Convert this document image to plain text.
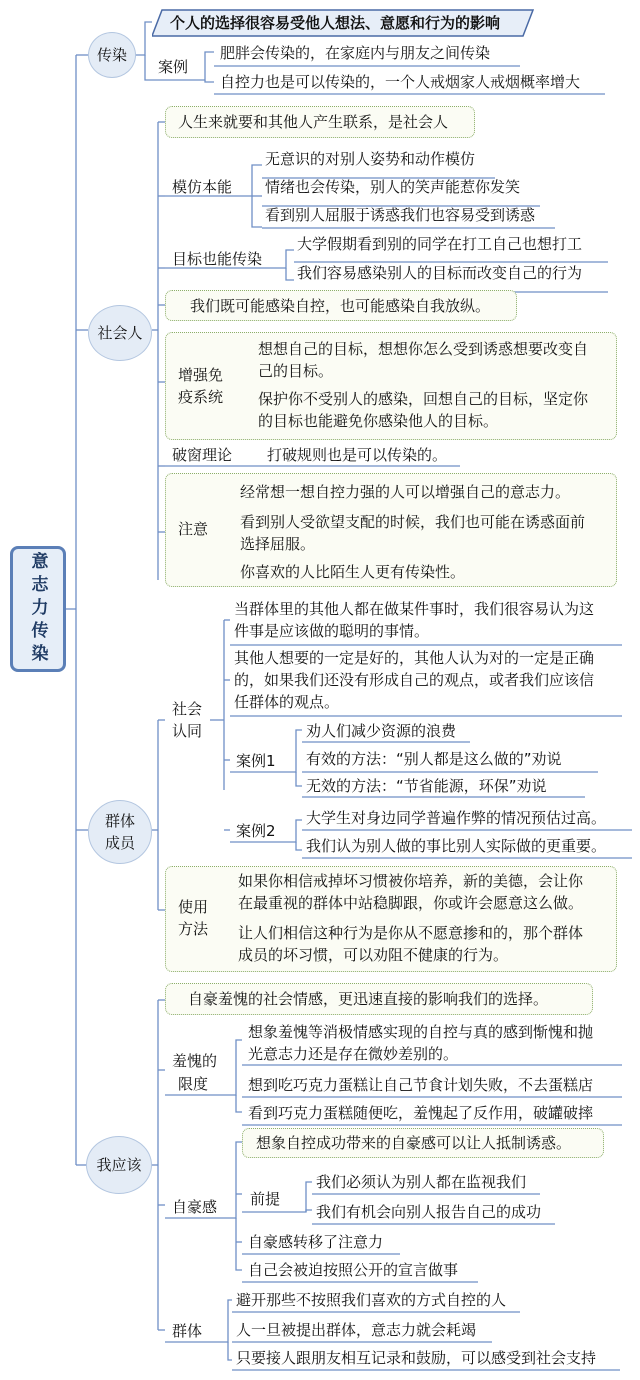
意志力传染
传染
个人的选择很容易受他人想法、意愿和行为的影响
案例
肥胖会传染的，在家庭内与朋友之间传染
自控力也是可以传染的，一个人戒烟家人戒烟概率增大
社会人
人生来就要和其他人产生联系，是社会人
模仿本能
无意识的对别人姿势和动作模仿
情绪也会传染，别人的笑声能惹你发笑
看到别人屈服于诱惑我们也容易受到诱惑
目标也能传染
大学假期看到别的同学在打工自己也想打工
我们容易感染别人的目标而改变自己的行为
我们既可能感染自控，也可能感染自我放纵。
增强免
疫系统
想想自己的目标，想想你怎么受到诱惑想要改变自
己的目标。
保护你不受别人的感染，回想自己的目标，坚定你
的目标也能避免你感染他人的目标。
破窗理论 打破规则也是可以传染的。
注意
经常想一想自控力强的人可以增强自己的意志力。
看到别人受欲望支配的时候，我们也可能在诱惑面前
选择屈服。
你喜欢的人比陌生人更有传染性。
群体
成员
社会
认同
当群体里的其他人都在做某件事时，我们很容易认为这
件事是应该做的聪明的事情。
其他人想要的一定是好的，其他人认为对的一定是正确
的，如果我们还没有形成自己的观点，或者我们应该信
任群体的观点。
案例1
劝人们减少资源的浪费
有效的方法：“别人都是这么做的”劝说
无效的方法：“节省能源，环保”劝说
案例2
大学生对身边同学普遍作弊的情况预估过高。
我们认为别人做的事比别人实际做的更重要。
使用
方法
如果你相信戒掉坏习惯被你培养，新的美德，会让你
在最重视的群体中站稳脚跟，你或许会愿意这么做。
让人们相信这种行为是你从不愿意掺和的，那个群体
成员的坏习惯，可以劝阻不健康的行为。
我应该
自豪羞愧的社会情感，更迅速直接的影响我们的选择。
羞愧的
限度
想象羞愧等消极情感实现的自控与真的感到惭愧和抛
光意志力还是存在微妙差别的。
想到吃巧克力蛋糕让自己节食计划失败，不去蛋糕店
看到巧克力蛋糕随便吃，羞愧起了反作用，破罐破摔
自豪感
想象自控成功带来的自豪感可以让人抵制诱惑。
前提
我们必须认为别人都在监视我们
我们有机会向别人报告自己的成功
自豪感转移了注意力
自己会被迫按照公开的宣言做事
群体
避开那些不按照我们喜欢的方式自控的人
人一旦被提出群体，意志力就会耗竭
只要接人跟朋友相互记录和鼓励，可以感受到社会支持
